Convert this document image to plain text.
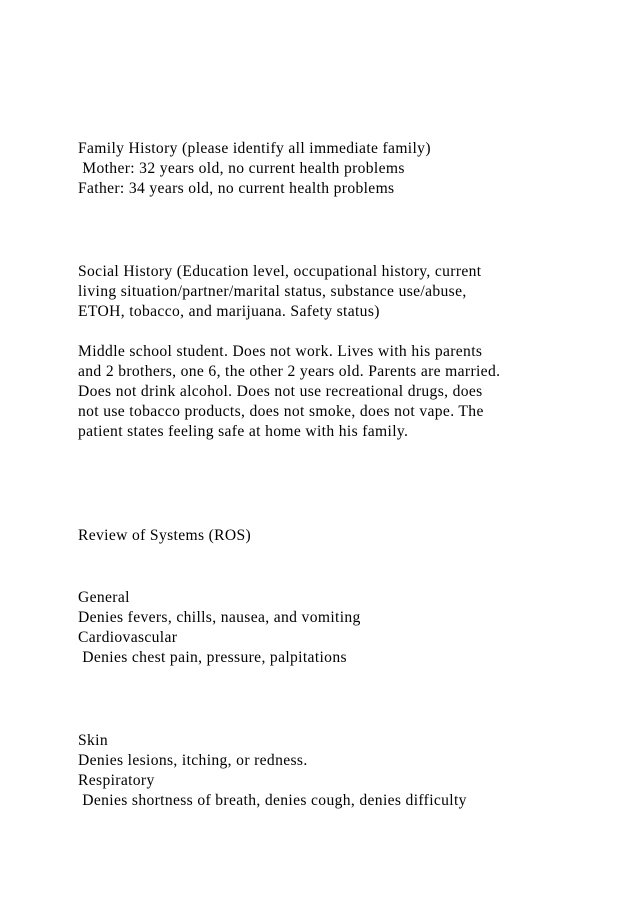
Family History (please identify all immediate family)

Mother: 32 years old, no current health problems

Father: 34 years old, no current health problems

Social History (Education level, occupational history, current

living situation/partner/marital status, substance use/abuse,

ETOH, tobacco, and marijuana. Safety status)

Middle school student. Does not work. Lives with his parents

and 2 brothers, one 6, the other 2 years old. Parents are married.

Does not drink alcohol. Does not use recreational drugs, does

not use tobacco products, does not smoke, does not vape. The

patient states feeling safe at home with his family.

Review of Systems (ROS)

General

Denies fevers, chills, nausea, and vomiting

Cardiovascular

Denies chest pain, pressure, palpitations

Skin

Denies lesions, itching, or redness.

Respiratory

Denies shortness of breath, denies cough, denies difficulty
